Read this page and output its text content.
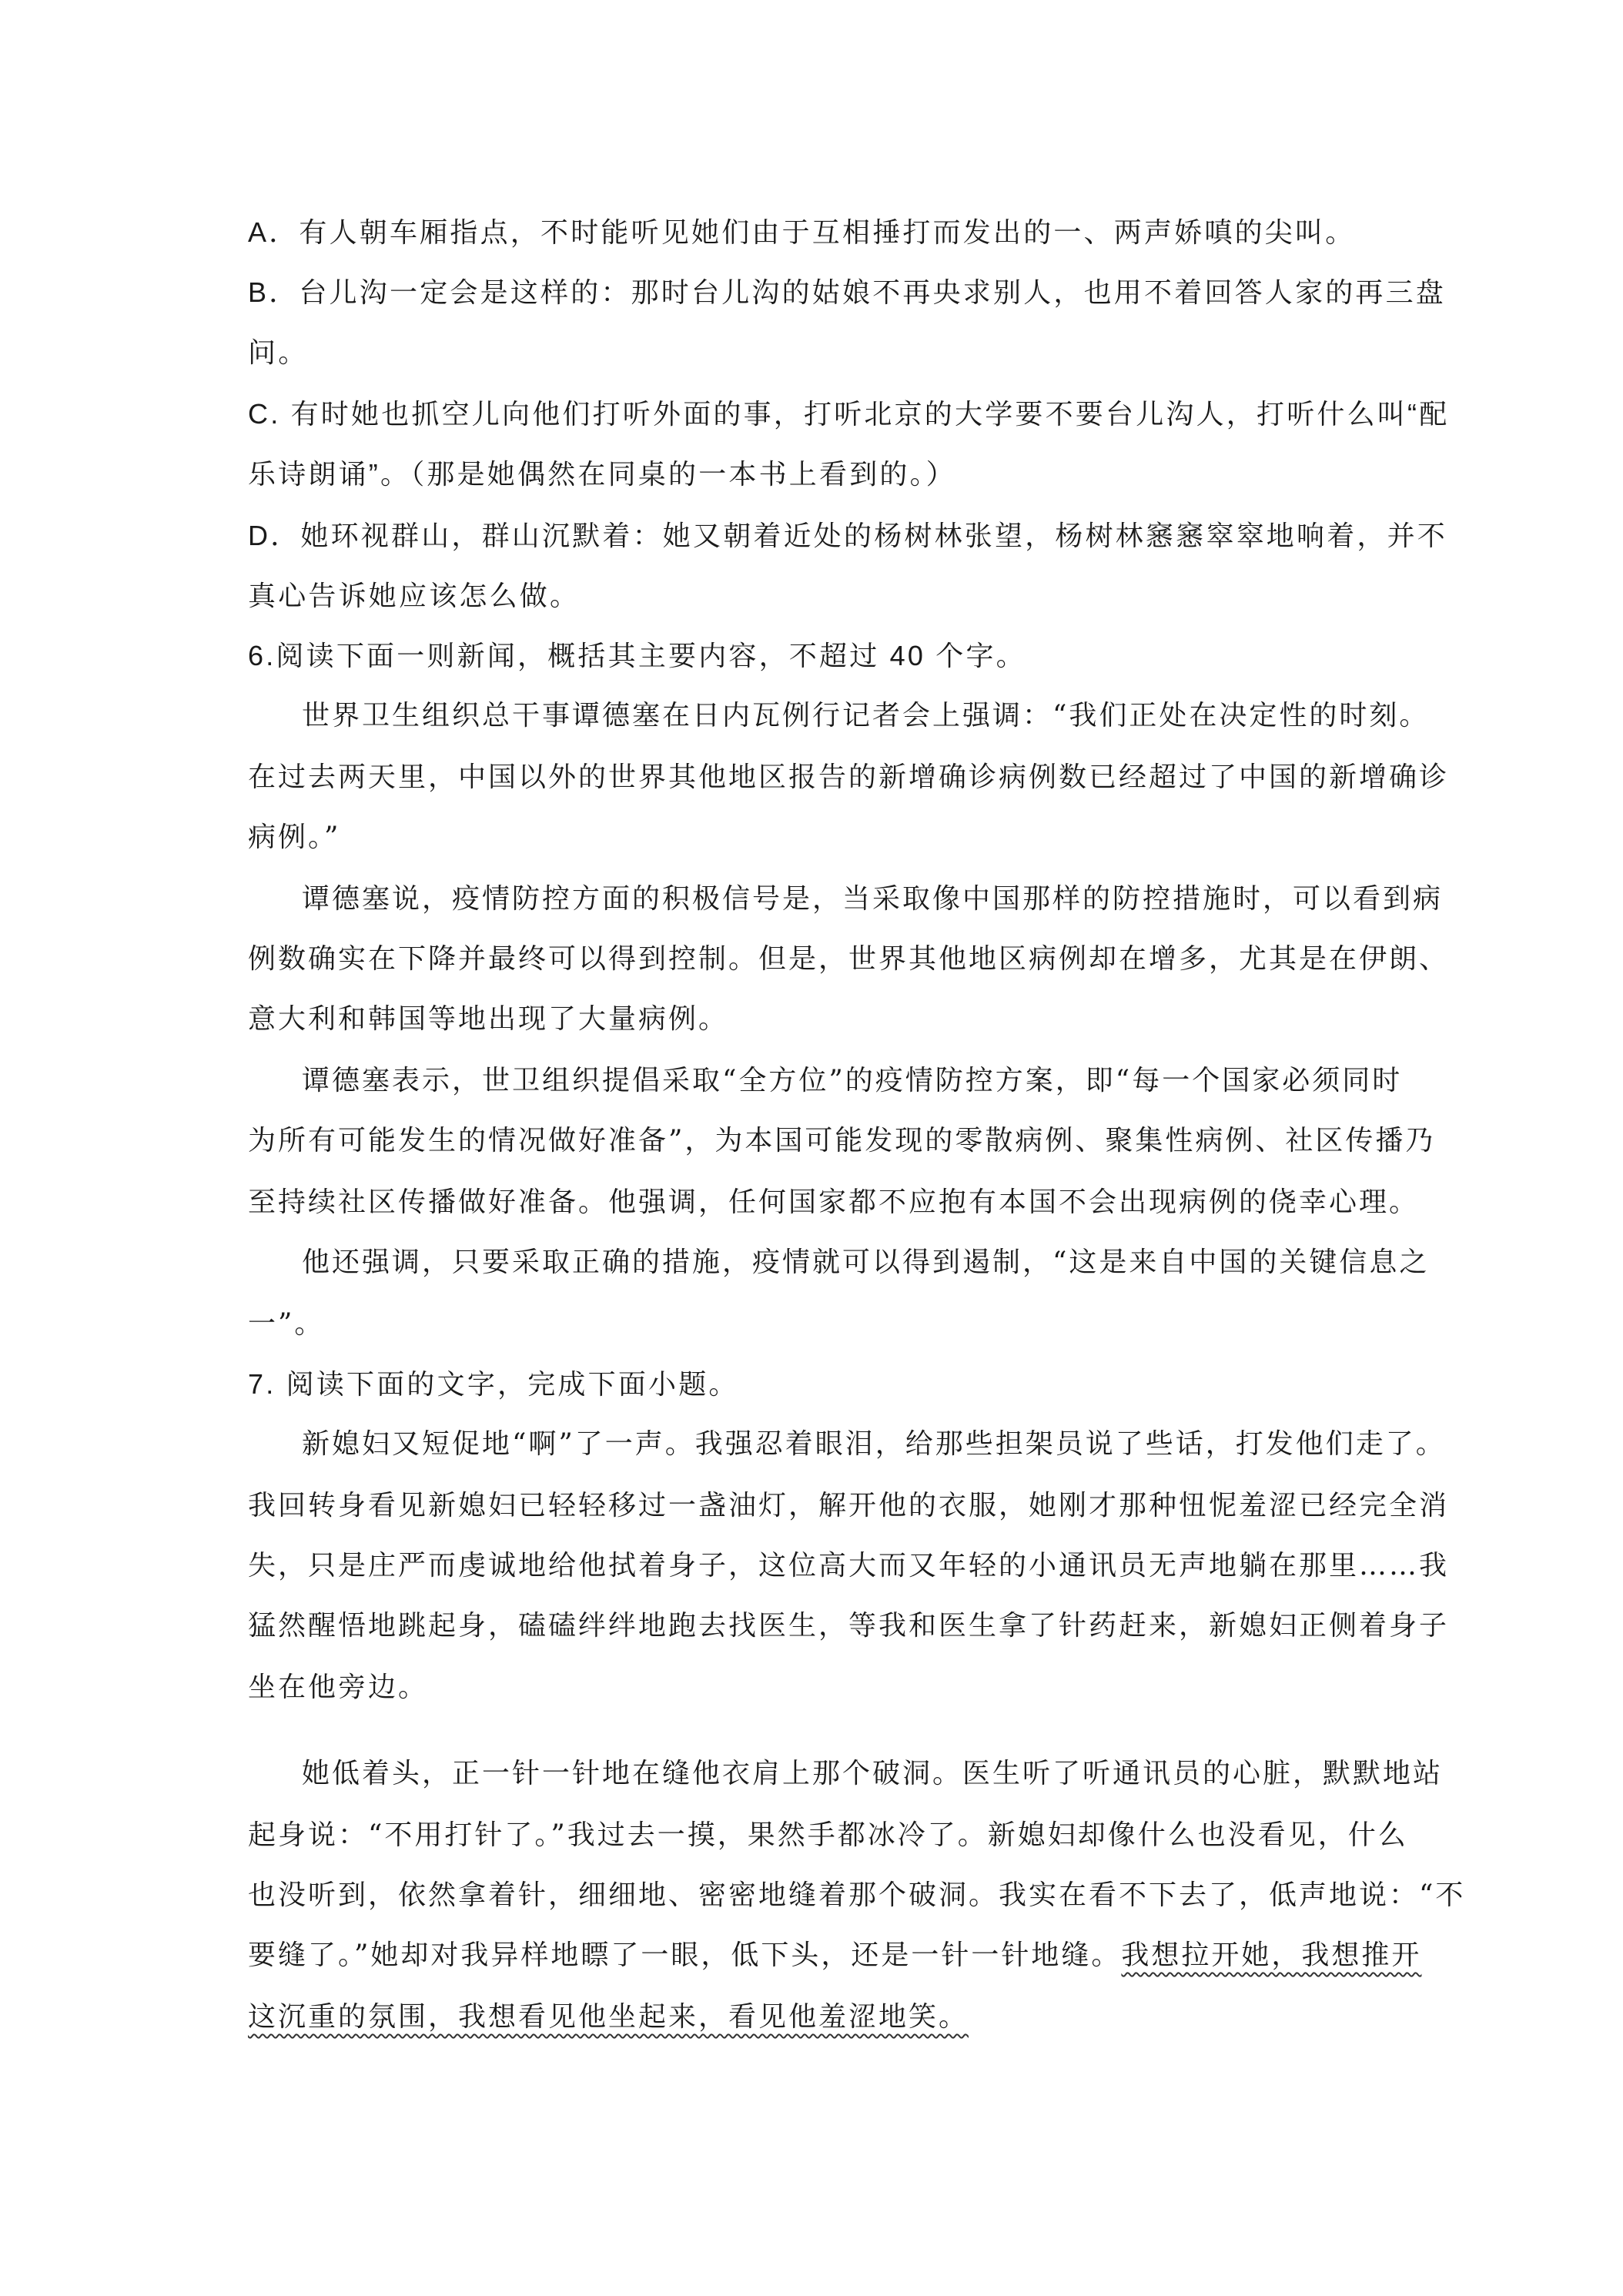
A．有人朝车厢指点，不时能听见她们由于互相捶打而发出的一、两声娇嗔的尖叫。
B．台儿沟一定会是这样的：那时台儿沟的姑娘不再央求别人，也用不着回答人家的再三盘
问。
C. 有时她也抓空儿向他们打听外面的事，打听北京的大学要不要台儿沟人，打听什么叫“配
乐诗朗诵”。（那是她偶然在同桌的一本书上看到的。）
D．她环视群山，群山沉默着：她又朝着近处的杨树林张望，杨树林窸窸窣窣地响着，并不
真心告诉她应该怎么做。
6.阅读下面一则新闻，概括其主要内容，不超过 40 个字。
世界卫生组织总干事谭德塞在日内瓦例行记者会上强调：“我们正处在决定性的时刻。
在过去两天里，中国以外的世界其他地区报告的新增确诊病例数已经超过了中国的新增确诊
病例。”
谭德塞说，疫情防控方面的积极信号是，当采取像中国那样的防控措施时，可以看到病
例数确实在下降并最终可以得到控制。但是，世界其他地区病例却在增多，尤其是在伊朗、
意大利和韩国等地出现了大量病例。
谭德塞表示，世卫组织提倡采取“全方位”的疫情防控方案，即“每一个国家必须同时
为所有可能发生的情况做好准备”，为本国可能发现的零散病例、聚集性病例、社区传播乃
至持续社区传播做好准备。他强调，任何国家都不应抱有本国不会出现病例的侥幸心理。
他还强调，只要采取正确的措施，疫情就可以得到遏制，“这是来自中国的关键信息之
一”。
7. 阅读下面的文字，完成下面小题。
新媳妇又短促地“啊”了一声。我强忍着眼泪，给那些担架员说了些话，打发他们走了。
我回转身看见新媳妇已轻轻移过一盏油灯，解开他的衣服，她刚才那种忸怩羞涩已经完全消
失，只是庄严而虔诚地给他拭着身子，这位高大而又年轻的小通讯员无声地躺在那里……我
猛然醒悟地跳起身，磕磕绊绊地跑去找医生，等我和医生拿了针药赶来，新媳妇正侧着身子
坐在他旁边。
她低着头，正一针一针地在缝他衣肩上那个破洞。医生听了听通讯员的心脏，默默地站
起身说：“不用打针了。”我过去一摸，果然手都冰冷了。新媳妇却像什么也没看见，什么
也没听到，依然拿着针，细细地、密密地缝着那个破洞。我实在看不下去了，低声地说：“不
要缝了。”她却对我异样地瞟了一眼，低下头，还是一针一针地缝。我想拉开她，我想推开
这沉重的氛围，我想看见他坐起来，看见他羞涩地笑。
